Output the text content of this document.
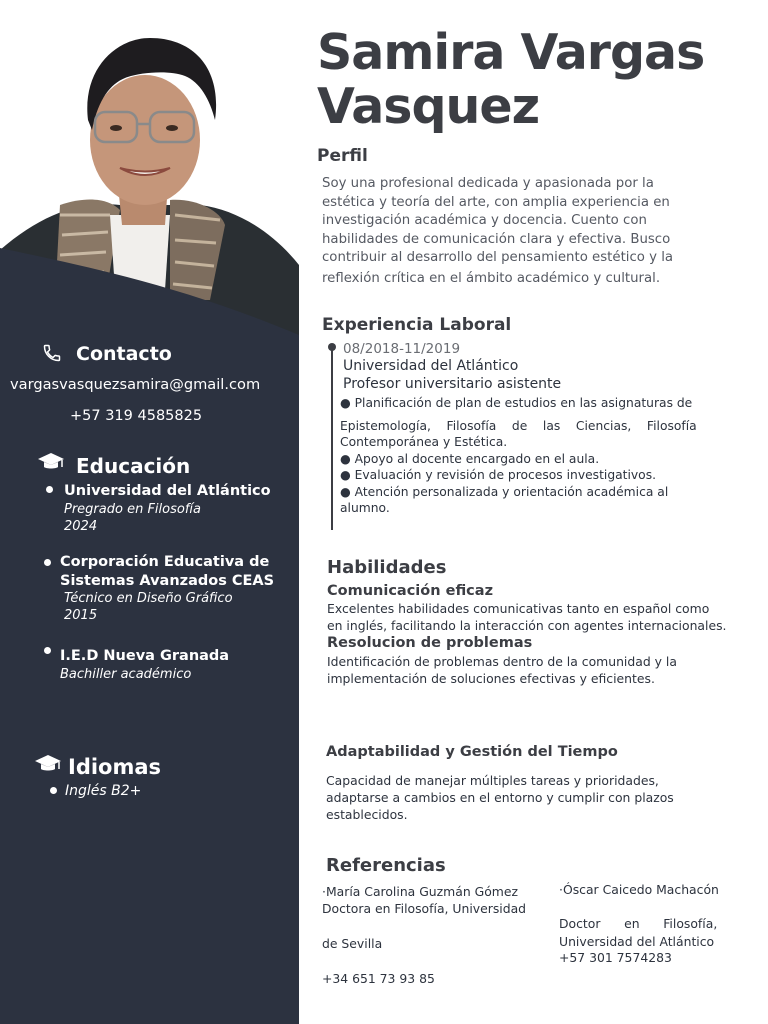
Contacto
vargasvasquezsamira@gmail.com
+57 319 4585825
Educación
Universidad del Atlántico
Pregrado en Filosofía
2024
Corporación Educativa de
Sistemas Avanzados CEAS
Técnico en Diseño Gráfico
2015
I.E.D Nueva Granada
Bachiller académico
Idiomas
Inglés B2+
Samira Vargas
Vasquez
Perfil
Soy una profesional dedicada y apasionada por la
estética y teoría del arte, con amplia experiencia en
investigación académica y docencia. Cuento con
habilidades de comunicación clara y efectiva. Busco
contribuir al desarrollo del pensamiento estético y la
reflexión crítica en el ámbito académico y cultural.
Experiencia Laboral
08/2018-11/2019
Universidad del Atlántico
Profesor universitario asistente
● Planificación de plan de estudios en las asignaturas de
Epistemología,    Filosofía    de    las    Ciencias,    Filosofía
Contemporánea y Estética.
● Apoyo al docente encargado en el aula.
● Evaluación y revisión de procesos investigativos.
● Atención personalizada y orientación académica al
alumno.
Habilidades
Comunicación eficaz
Excelentes habilidades comunicativas tanto en español como
en inglés, facilitando la interacción con agentes internacionales.
Resolucion de problemas
Identificación de problemas dentro de la comunidad y la
implementación de soluciones efectivas y eficientes.
Adaptabilidad y Gestión del Tiempo
Capacidad de manejar múltiples tareas y prioridades,
adaptarse a cambios en el entorno y cumplir con plazos
establecidos.
Referencias
·María Carolina Guzmán Gómez
Doctora en Filosofía, Universidad
de Sevilla
+34 651 73 93 85
·Óscar Caicedo Machacón
Doctor      en      Filosofía,
Universidad del Atlántico
+57 301 7574283
